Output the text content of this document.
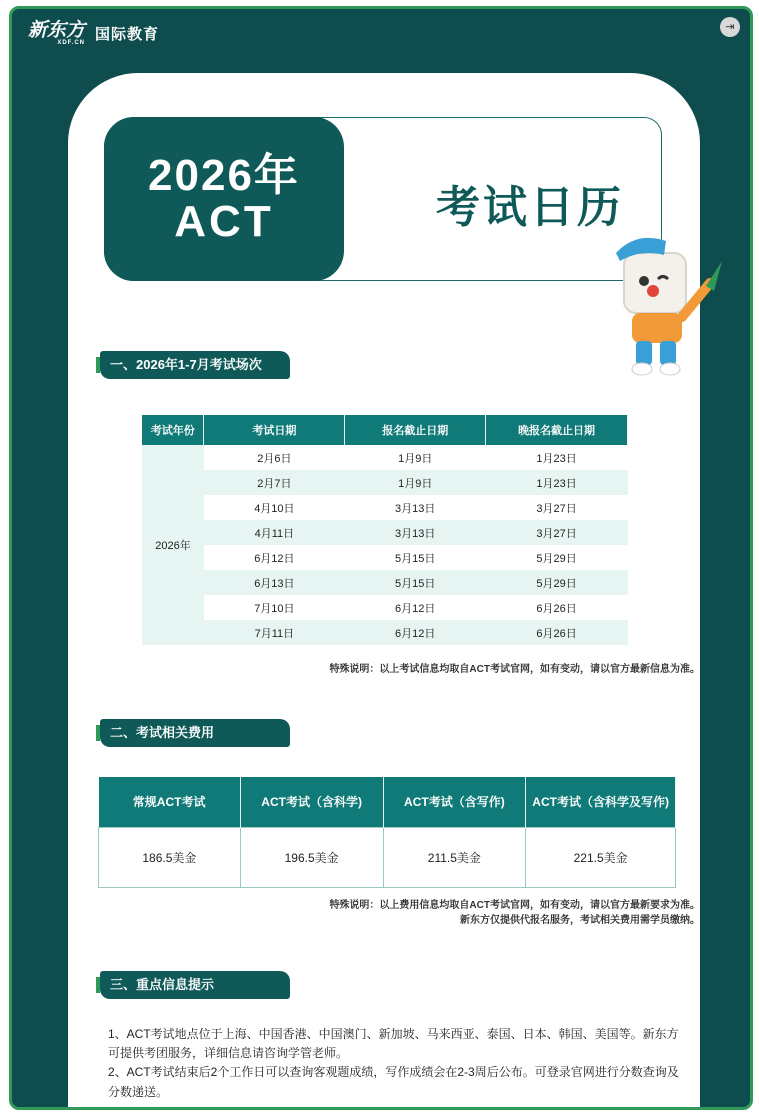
新东方
XDF.CN 国际教育	⇥
2026年
ACT	考试日历
一、2026年1-7月考试场次
考试年份	考试日期	报名截止日期	晚报名截止日期
2026年	2月6日	1月9日	1月23日
	2月7日	1月9日	1月23日
	4月10日	3月13日	3月27日
	4月11日	3月13日	3月27日
	6月12日	5月15日	5月29日
	6月13日	5月15日	5月29日
	7月10日	6月12日	6月26日
	7月11日	6月12日	6月26日
特殊说明：以上考试信息均取自ACT考试官网，如有变动，请以官方最新信息为准。
二、考试相关费用
常规ACT考试	ACT考试（含科学)	ACT考试（含写作)	ACT考试（含科学及写作)
186.5美金	196.5美金	211.5美金	221.5美金
特殊说明：以上费用信息均取自ACT考试官网，如有变动，请以官方最新要求为准。
新东方仅提供代报名服务，考试相关费用需学员缴纳。
三、重点信息提示

1、ACT考试地点位于上海、中国香港、中国澳门、新加坡、马来西亚、泰国、日本、韩国、美国等。新东方可提供考团服务，详细信息请咨询学管老师。

2、ACT考试结束后2个工作日可以查询客观题成绩，写作成绩会在2-3周后公布。可登录官网进行分数查询及分数递送。
